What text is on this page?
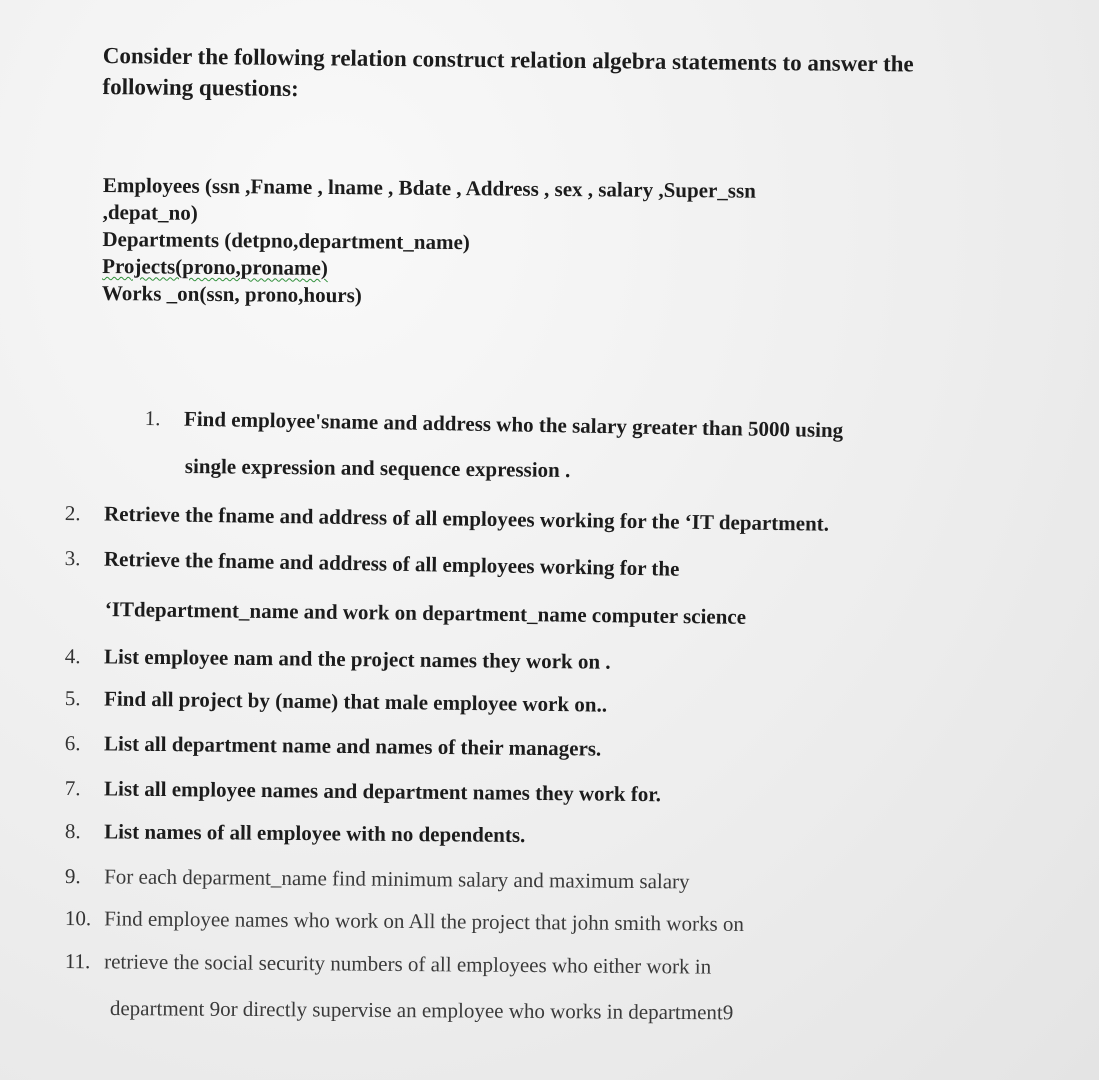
Consider the following relation construct relation algebra statements to answer the
following questions:
Employees (ssn ,Fname , lname , Bdate , Address , sex , salary ,Super_ssn
,depat_no)
Departments (detpno,department_name)
Projects(prono,proname)
Works _on(ssn, prono,hours)
1. Find employee'sname and address who the salary greater than 5000 using
single expression and sequence expression .
2. Retrieve the fname and address of all employees working for the ‘IT department.
3. Retrieve the fname and address of all employees working for the
‘ITdepartment_name and work on department_name computer science
4. List employee nam and the project names they work on .
5. Find all project by (name) that male employee work on..
6. List all department name and names of their managers.
7. List all employee names and department names they work for.
8. List names of all employee with no dependents.
9. For each deparment_name find minimum salary and maximum salary
10. Find employee names who work on All the project that john smith works on
11. retrieve the social security numbers of all employees who either work in
department 9or directly supervise an employee who works in department9
